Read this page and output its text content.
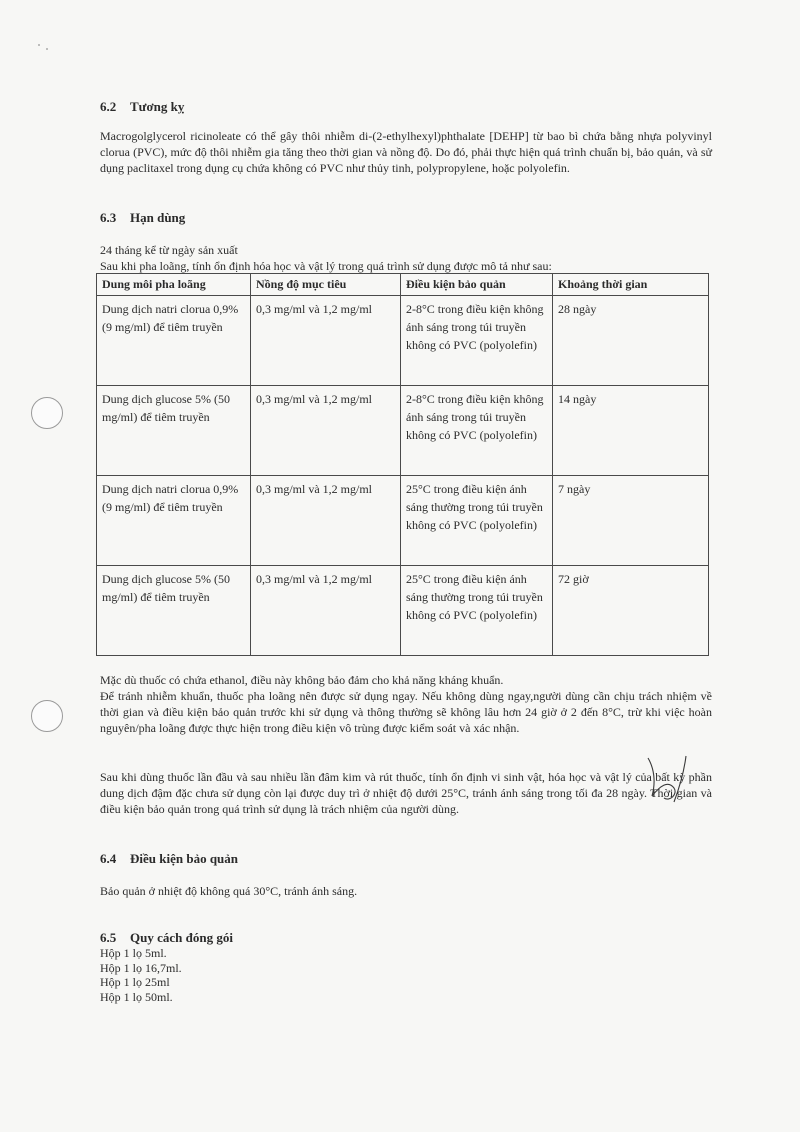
6.2 Tương kỵ

Macrogolglycerol ricinoleate có thể gây thôi nhiễm di-(2-ethylhexyl)phthalate [DEHP] từ bao bì chứa bằng nhựa polyvinyl clorua (PVC), mức độ thôi nhiễm gia tăng theo thời gian và nồng độ. Do đó, phải thực hiện quá trình chuẩn bị, bảo quản, và sử dụng paclitaxel trong dụng cụ chứa không có PVC như thủy tinh, polypropylene, hoặc polyolefin.

6.3 Hạn dùng

24 tháng kể từ ngày sản xuất

Sau khi pha loãng, tính ổn định hóa học và vật lý trong quá trình sử dụng được mô tả như sau:

Dung môi pha loãng	Nồng độ mục tiêu	Điều kiện bảo quản	Khoảng thời gian
Dung dịch natri clorua 0,9% (9 mg/ml) để tiêm truyền	0,3 mg/ml và 1,2 mg/ml	2-8°C trong điều kiện không ánh sáng trong túi truyền không có PVC (polyolefin)	28 ngày
Dung dịch glucose 5% (50 mg/ml) để tiêm truyền	0,3 mg/ml và 1,2 mg/ml	2-8°C trong điều kiện không ánh sáng trong túi truyền không có PVC (polyolefin)	14 ngày
Dung dịch natri clorua 0,9% (9 mg/ml) để tiêm truyền	0,3 mg/ml và 1,2 mg/ml	25°C trong điều kiện ánh sáng thường trong túi truyền không có PVC (polyolefin)	7 ngày
Dung dịch glucose 5% (50 mg/ml) để tiêm truyền	0,3 mg/ml và 1,2 mg/ml	25°C trong điều kiện ánh sáng thường trong túi truyền không có PVC (polyolefin)	72 giờ

Mặc dù thuốc có chứa ethanol, điều này không bảo đảm cho khả năng kháng khuẩn.

Để tránh nhiễm khuẩn, thuốc pha loãng nên được sử dụng ngay. Nếu không dùng ngay,người dùng cần chịu trách nhiệm về thời gian và điều kiện bảo quản trước khi sử dụng và thông thường sẽ không lâu hơn 24 giờ ở 2 đến 8°C, trừ khi việc hoàn nguyên/pha loãng được thực hiện trong điều kiện vô trùng được kiểm soát và xác nhận.

Sau khi dùng thuốc lần đầu và sau nhiều lần đâm kim và rút thuốc, tính ổn định vi sinh vật, hóa học và vật lý của bất kỳ phần dung dịch đậm đặc chưa sử dụng còn lại được duy trì ở nhiệt độ dưới 25°C, tránh ánh sáng trong tối đa 28 ngày. Thời gian và điều kiện bảo quản trong quá trình sử dụng là trách nhiệm của người dùng.

6.4 Điều kiện bảo quản

Bảo quản ở nhiệt độ không quá 30°C, tránh ánh sáng.

6.5 Quy cách đóng gói
Hộp 1 lọ 5ml.
Hộp 1 lọ 16,7ml.
Hộp 1 lọ 25ml
Hộp 1 lọ 50ml.
